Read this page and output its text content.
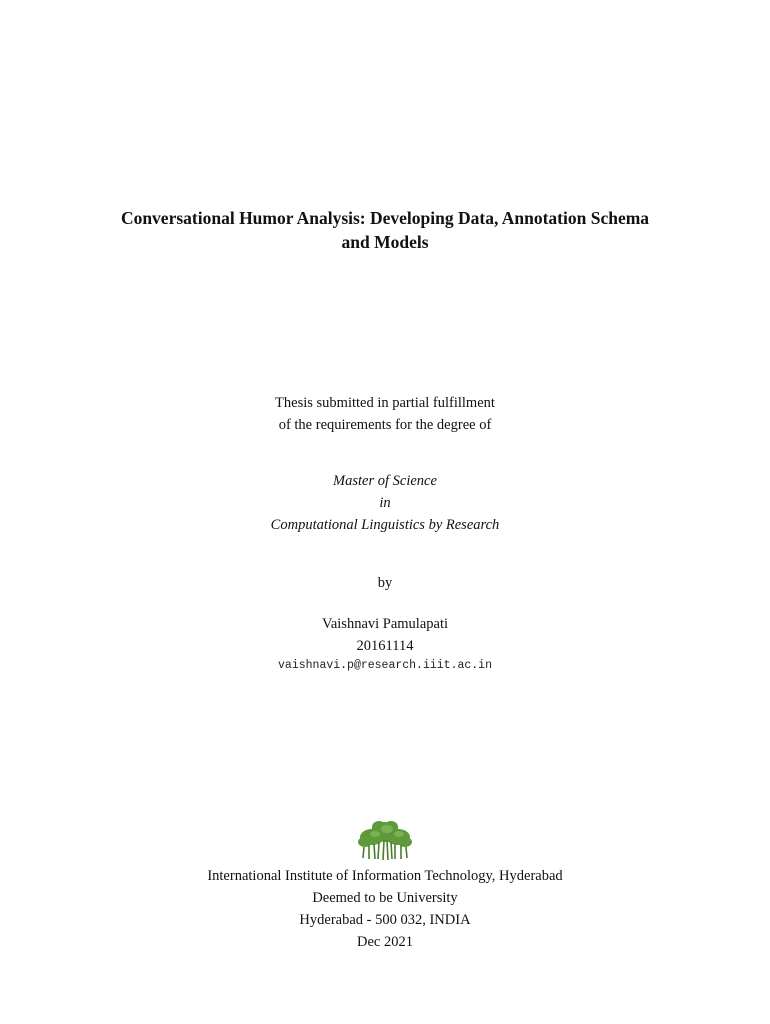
Conversational Humor Analysis: Developing Data, Annotation Schema
and Models
Thesis submitted in partial fulfillment
of the requirements for the degree of
Master of Science
in
Computational Linguistics by Research
by
Vaishnavi Pamulapati
20161114
vaishnavi.p@research.iiit.ac.in
International Institute of Information Technology, Hyderabad
Deemed to be University
Hyderabad - 500 032, INDIA
Dec 2021
